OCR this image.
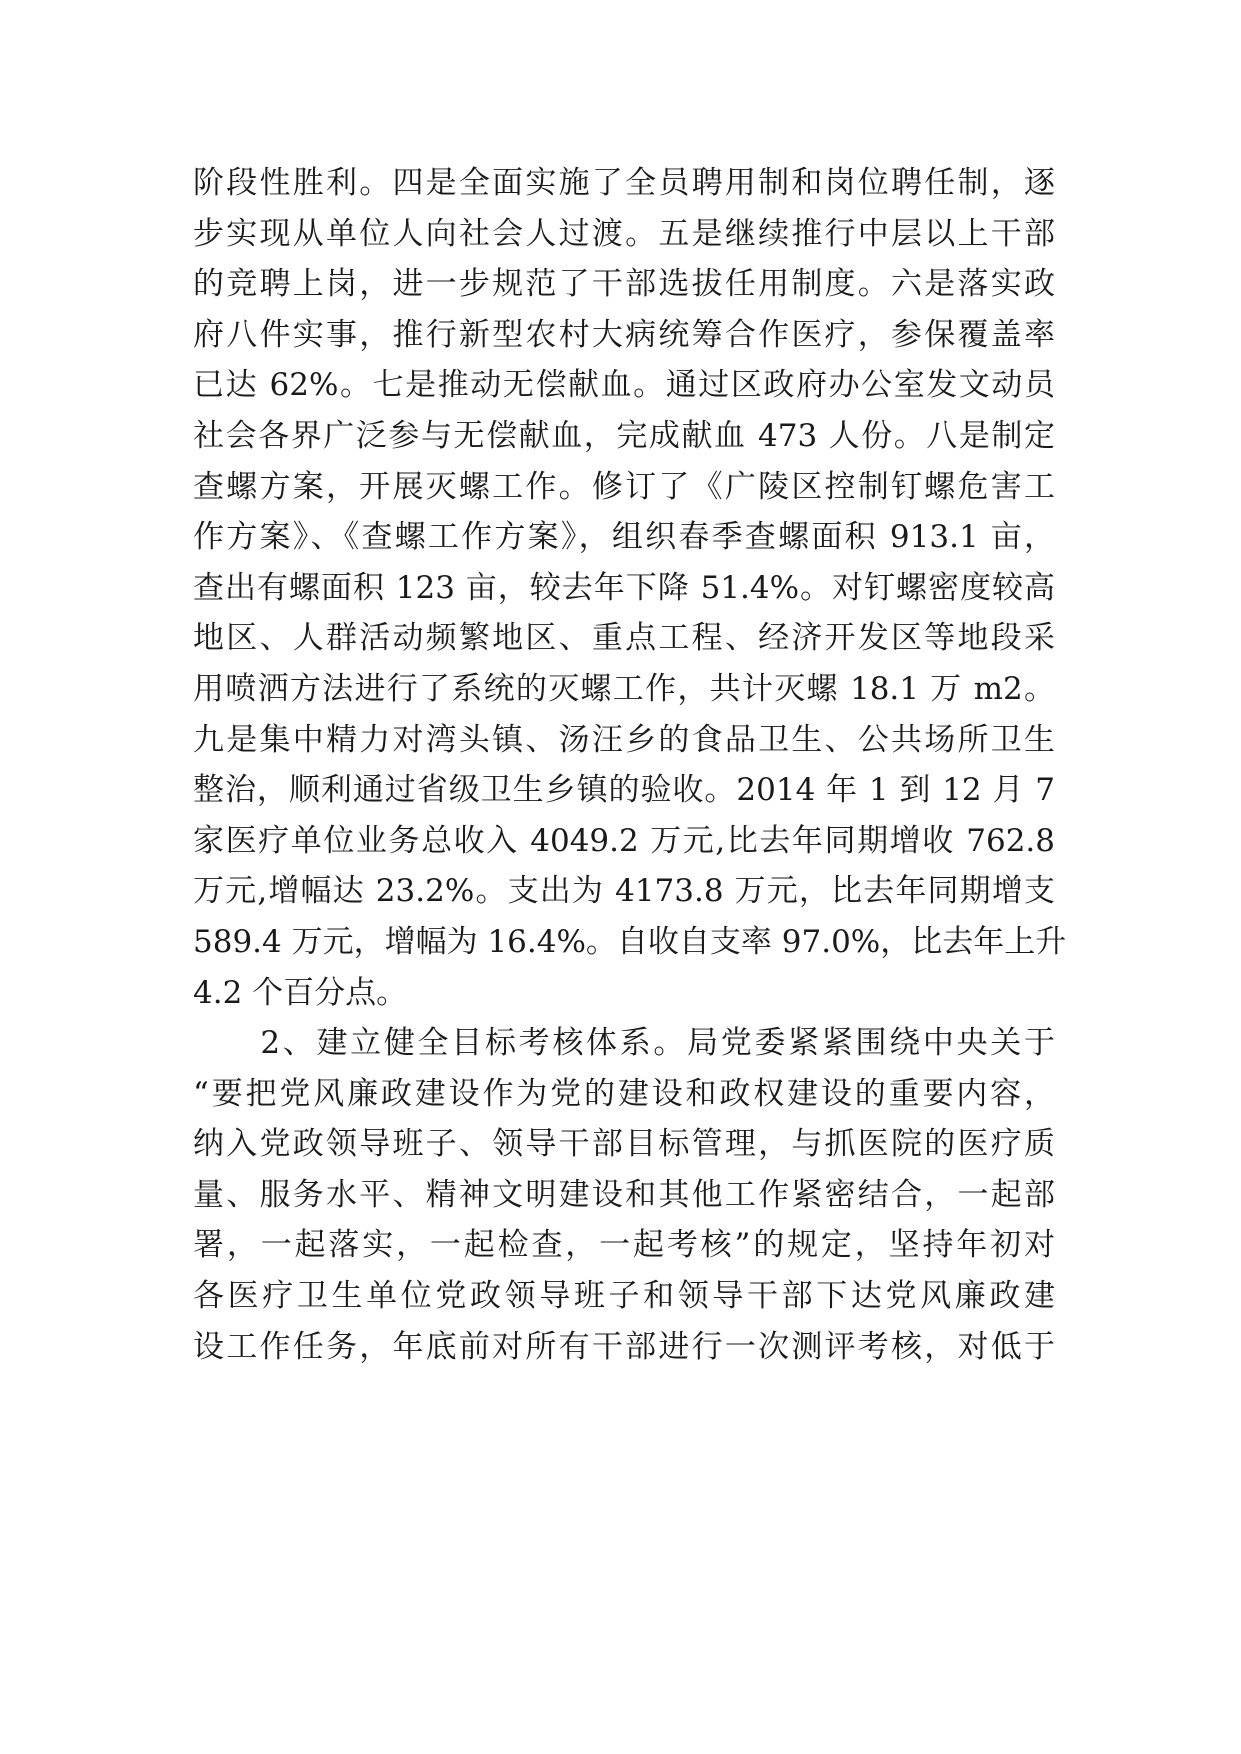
阶段性胜利。四是全面实施了全员聘用制和岗位聘任制，逐
步实现从单位人向社会人过渡。五是继续推行中层以上干部
的竞聘上岗，进一步规范了干部选拔任用制度。六是落实政
府八件实事，推行新型农村大病统筹合作医疗，参保覆盖率
已达 62%。七是推动无偿献血。通过区政府办公室发文动员
社会各界广泛参与无偿献血，完成献血 473 人份。八是制定
查螺方案，开展灭螺工作。修订了《广陵区控制钉螺危害工
作方案》、《查螺工作方案》，组织春季查螺面积 913.1 亩，
查出有螺面积 123 亩，较去年下降 51.4%。对钉螺密度较高
地区、人群活动频繁地区、重点工程、经济开发区等地段采
用喷洒方法进行了系统的灭螺工作，共计灭螺 18.1 万 m2。
九是集中精力对湾头镇、汤汪乡的食品卫生、公共场所卫生
整治，顺利通过省级卫生乡镇的验收。2014 年 1 到 12 月 7
家医疗单位业务总收入 4049.2 万元,比去年同期增收 762.8
万元,增幅达 23.2%。支出为 4173.8 万元，比去年同期增支
589.4 万元，增幅为 16.4%。自收自支率 97.0%，比去年上升
4.2 个百分点。
　　2、建立健全目标考核体系。局党委紧紧围绕中央关于
“要把党风廉政建设作为党的建设和政权建设的重要内容，
纳入党政领导班子、领导干部目标管理，与抓医院的医疗质
量、服务水平、精神文明建设和其他工作紧密结合，一起部
署，一起落实，一起检查，一起考核”的规定，坚持年初对
各医疗卫生单位党政领导班子和领导干部下达党风廉政建
设工作任务，年底前对所有干部进行一次测评考核，对低于
